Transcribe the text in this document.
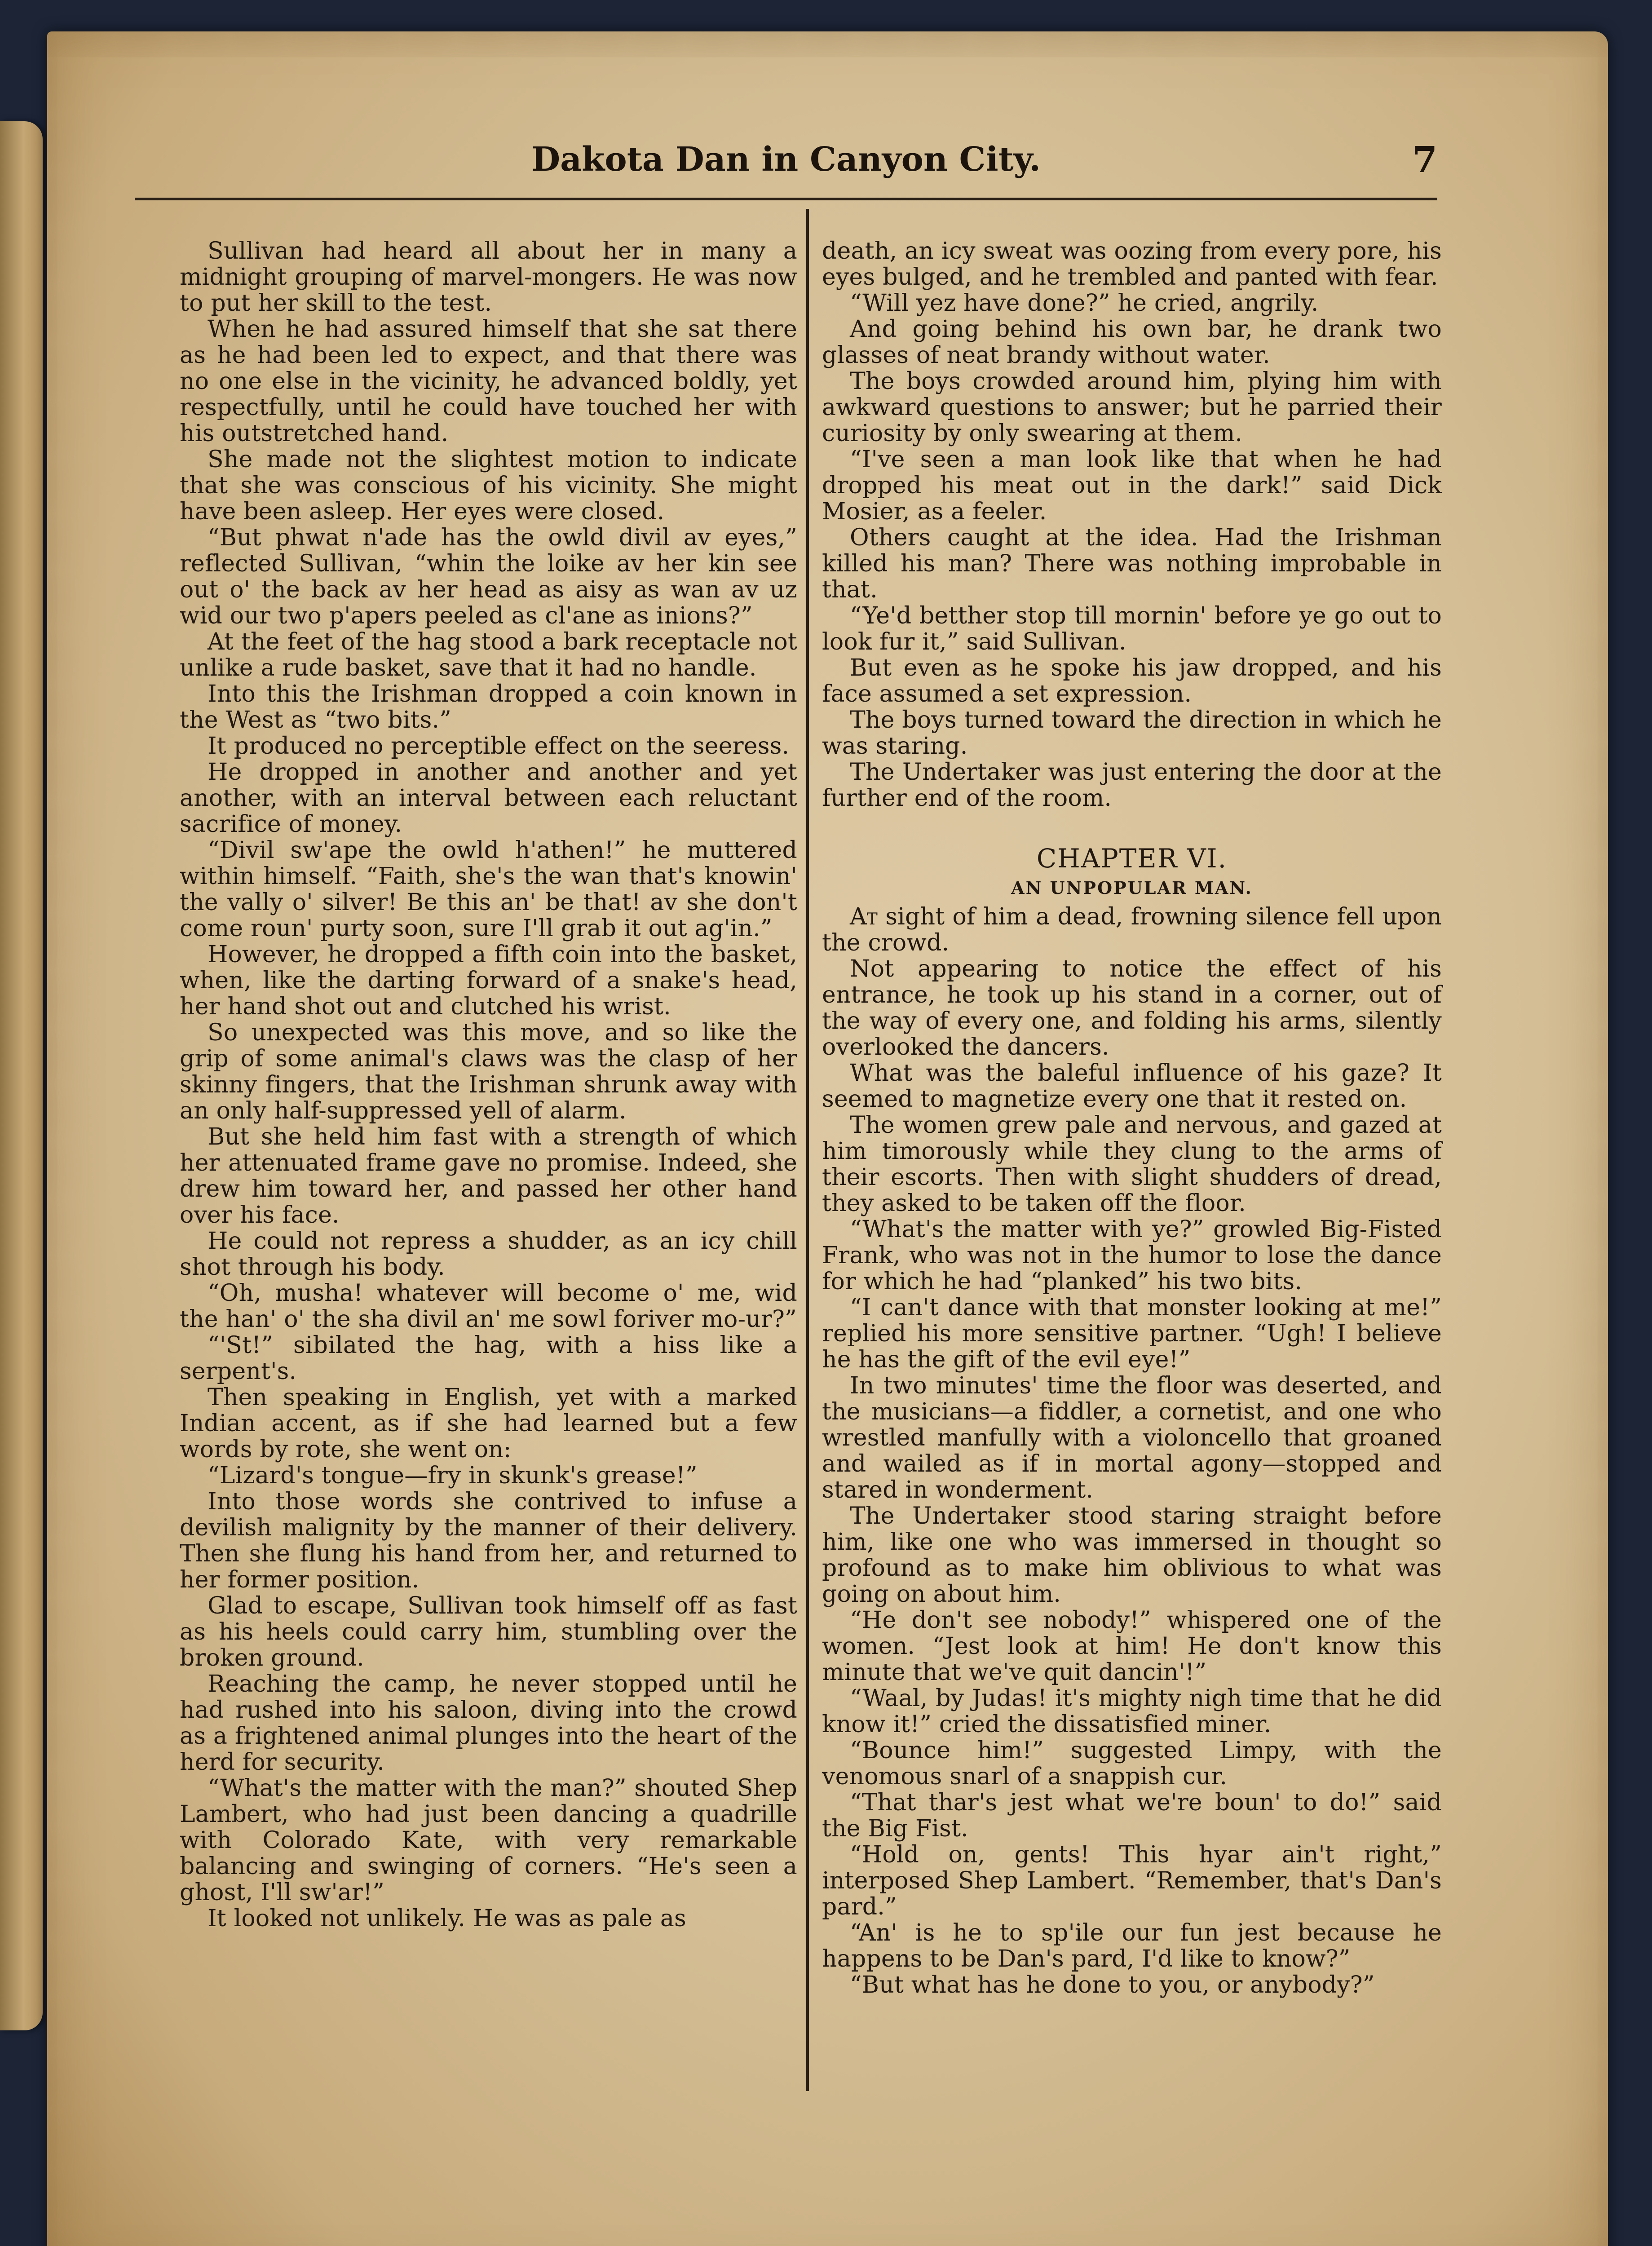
Dakota Dan in Canyon City.	7

Sullivan had heard all about her in many a midnight grouping of marvel-mongers. He was now to put her skill to the test.

When he had assured himself that she sat there as he had been led to expect, and that there was no one else in the vicinity, he advanced boldly, yet respectfully, until he could have touched her with his outstretched hand.

She made not the slightest motion to indicate that she was conscious of his vicinity. She might have been asleep. Her eyes were closed.

“But phwat n'ade has the owld divil av eyes,” reflected Sullivan, “whin the loike av her kin see out o' the back av her head as aisy as wan av uz wid our two p'apers peeled as cl'ane as inions?”

At the feet of the hag stood a bark receptacle not unlike a rude basket, save that it had no handle.

Into this the Irishman dropped a coin known in the West as “two bits.”

It produced no perceptible effect on the seeress.

He dropped in another and another and yet another, with an interval between each reluctant sacrifice of money.

“Divil sw'ape the owld h'athen!” he muttered within himself. “Faith, she's the wan that's knowin' the vally o' silver! Be this an' be that! av she don't come roun' purty soon, sure I'll grab it out ag'in.”

However, he dropped a fifth coin into the basket, when, like the darting forward of a snake's head, her hand shot out and clutched his wrist.

So unexpected was this move, and so like the grip of some animal's claws was the clasp of her skinny fingers, that the Irishman shrunk away with an only half-suppressed yell of alarm.

But she held him fast with a strength of which her attenuated frame gave no promise. Indeed, she drew him toward her, and passed her other hand over his face.

He could not repress a shudder, as an icy chill shot through his body.

“Oh, musha! whatever will become o' me, wid the han' o' the sha divil an' me sowl foriver mo-ur?”

“'St!” sibilated the hag, with a hiss like a serpent's.

Then speaking in English, yet with a marked Indian accent, as if she had learned but a few words by rote, she went on:

“Lizard's tongue—fry in skunk's grease!”

Into those words she contrived to infuse a devilish malignity by the manner of their delivery. Then she flung his hand from her, and returned to her former position.

Glad to escape, Sullivan took himself off as fast as his heels could carry him, stumbling over the broken ground.

Reaching the camp, he never stopped until he had rushed into his saloon, diving into the crowd as a frightened animal plunges into the heart of the herd for security.

“What's the matter with the man?” shouted Shep Lambert, who had just been dancing a quadrille with Colorado Kate, with very remarkable balancing and swinging of corners. “He's seen a ghost, I'll sw'ar!”

It looked not unlikely. He was as pale as

death, an icy sweat was oozing from every pore, his eyes bulged, and he trembled and panted with fear.

“Will yez have done?” he cried, angrily.

And going behind his own bar, he drank two glasses of neat brandy without water.

The boys crowded around him, plying him with awkward questions to answer; but he parried their curiosity by only swearing at them.

“I've seen a man look like that when he had dropped his meat out in the dark!” said Dick Mosier, as a feeler.

Others caught at the idea. Had the Irishman killed his man? There was nothing improbable in that.

“Ye'd betther stop till mornin' before ye go out to look fur it,” said Sullivan.

But even as he spoke his jaw dropped, and his face assumed a set expression.

The boys turned toward the direction in which he was staring.

The Undertaker was just entering the door at the further end of the room.

CHAPTER VI.
AN UNPOPULAR MAN.

At sight of him a dead, frowning silence fell upon the crowd.

Not appearing to notice the effect of his entrance, he took up his stand in a corner, out of the way of every one, and folding his arms, silently overlooked the dancers.

What was the baleful influence of his gaze? It seemed to magnetize every one that it rested on.

The women grew pale and nervous, and gazed at him timorously while they clung to the arms of their escorts. Then with slight shudders of dread, they asked to be taken off the floor.

“What's the matter with ye?” growled Big-Fisted Frank, who was not in the humor to lose the dance for which he had “planked” his two bits.

“I can't dance with that monster looking at me!” replied his more sensitive partner. “Ugh! I believe he has the gift of the evil eye!”

In two minutes' time the floor was deserted, and the musicians—a fiddler, a cornetist, and one who wrestled manfully with a violoncello that groaned and wailed as if in mortal agony—stopped and stared in wonderment.

The Undertaker stood staring straight before him, like one who was immersed in thought so profound as to make him oblivious to what was going on about him.

“He don't see nobody!” whispered one of the women. “Jest look at him! He don't know this minute that we've quit dancin'!”

“Waal, by Judas! it's mighty nigh time that he did know it!” cried the dissatisfied miner.

“Bounce him!” suggested Limpy, with the venomous snarl of a snappish cur.

“That thar's jest what we're boun' to do!” said the Big Fist.

“Hold on, gents! This hyar ain't right,” interposed Shep Lambert. “Remember, that's Dan's pard.”

“An' is he to sp'ile our fun jest because he happens to be Dan's pard, I'd like to know?”

“But what has he done to you, or anybody?”
